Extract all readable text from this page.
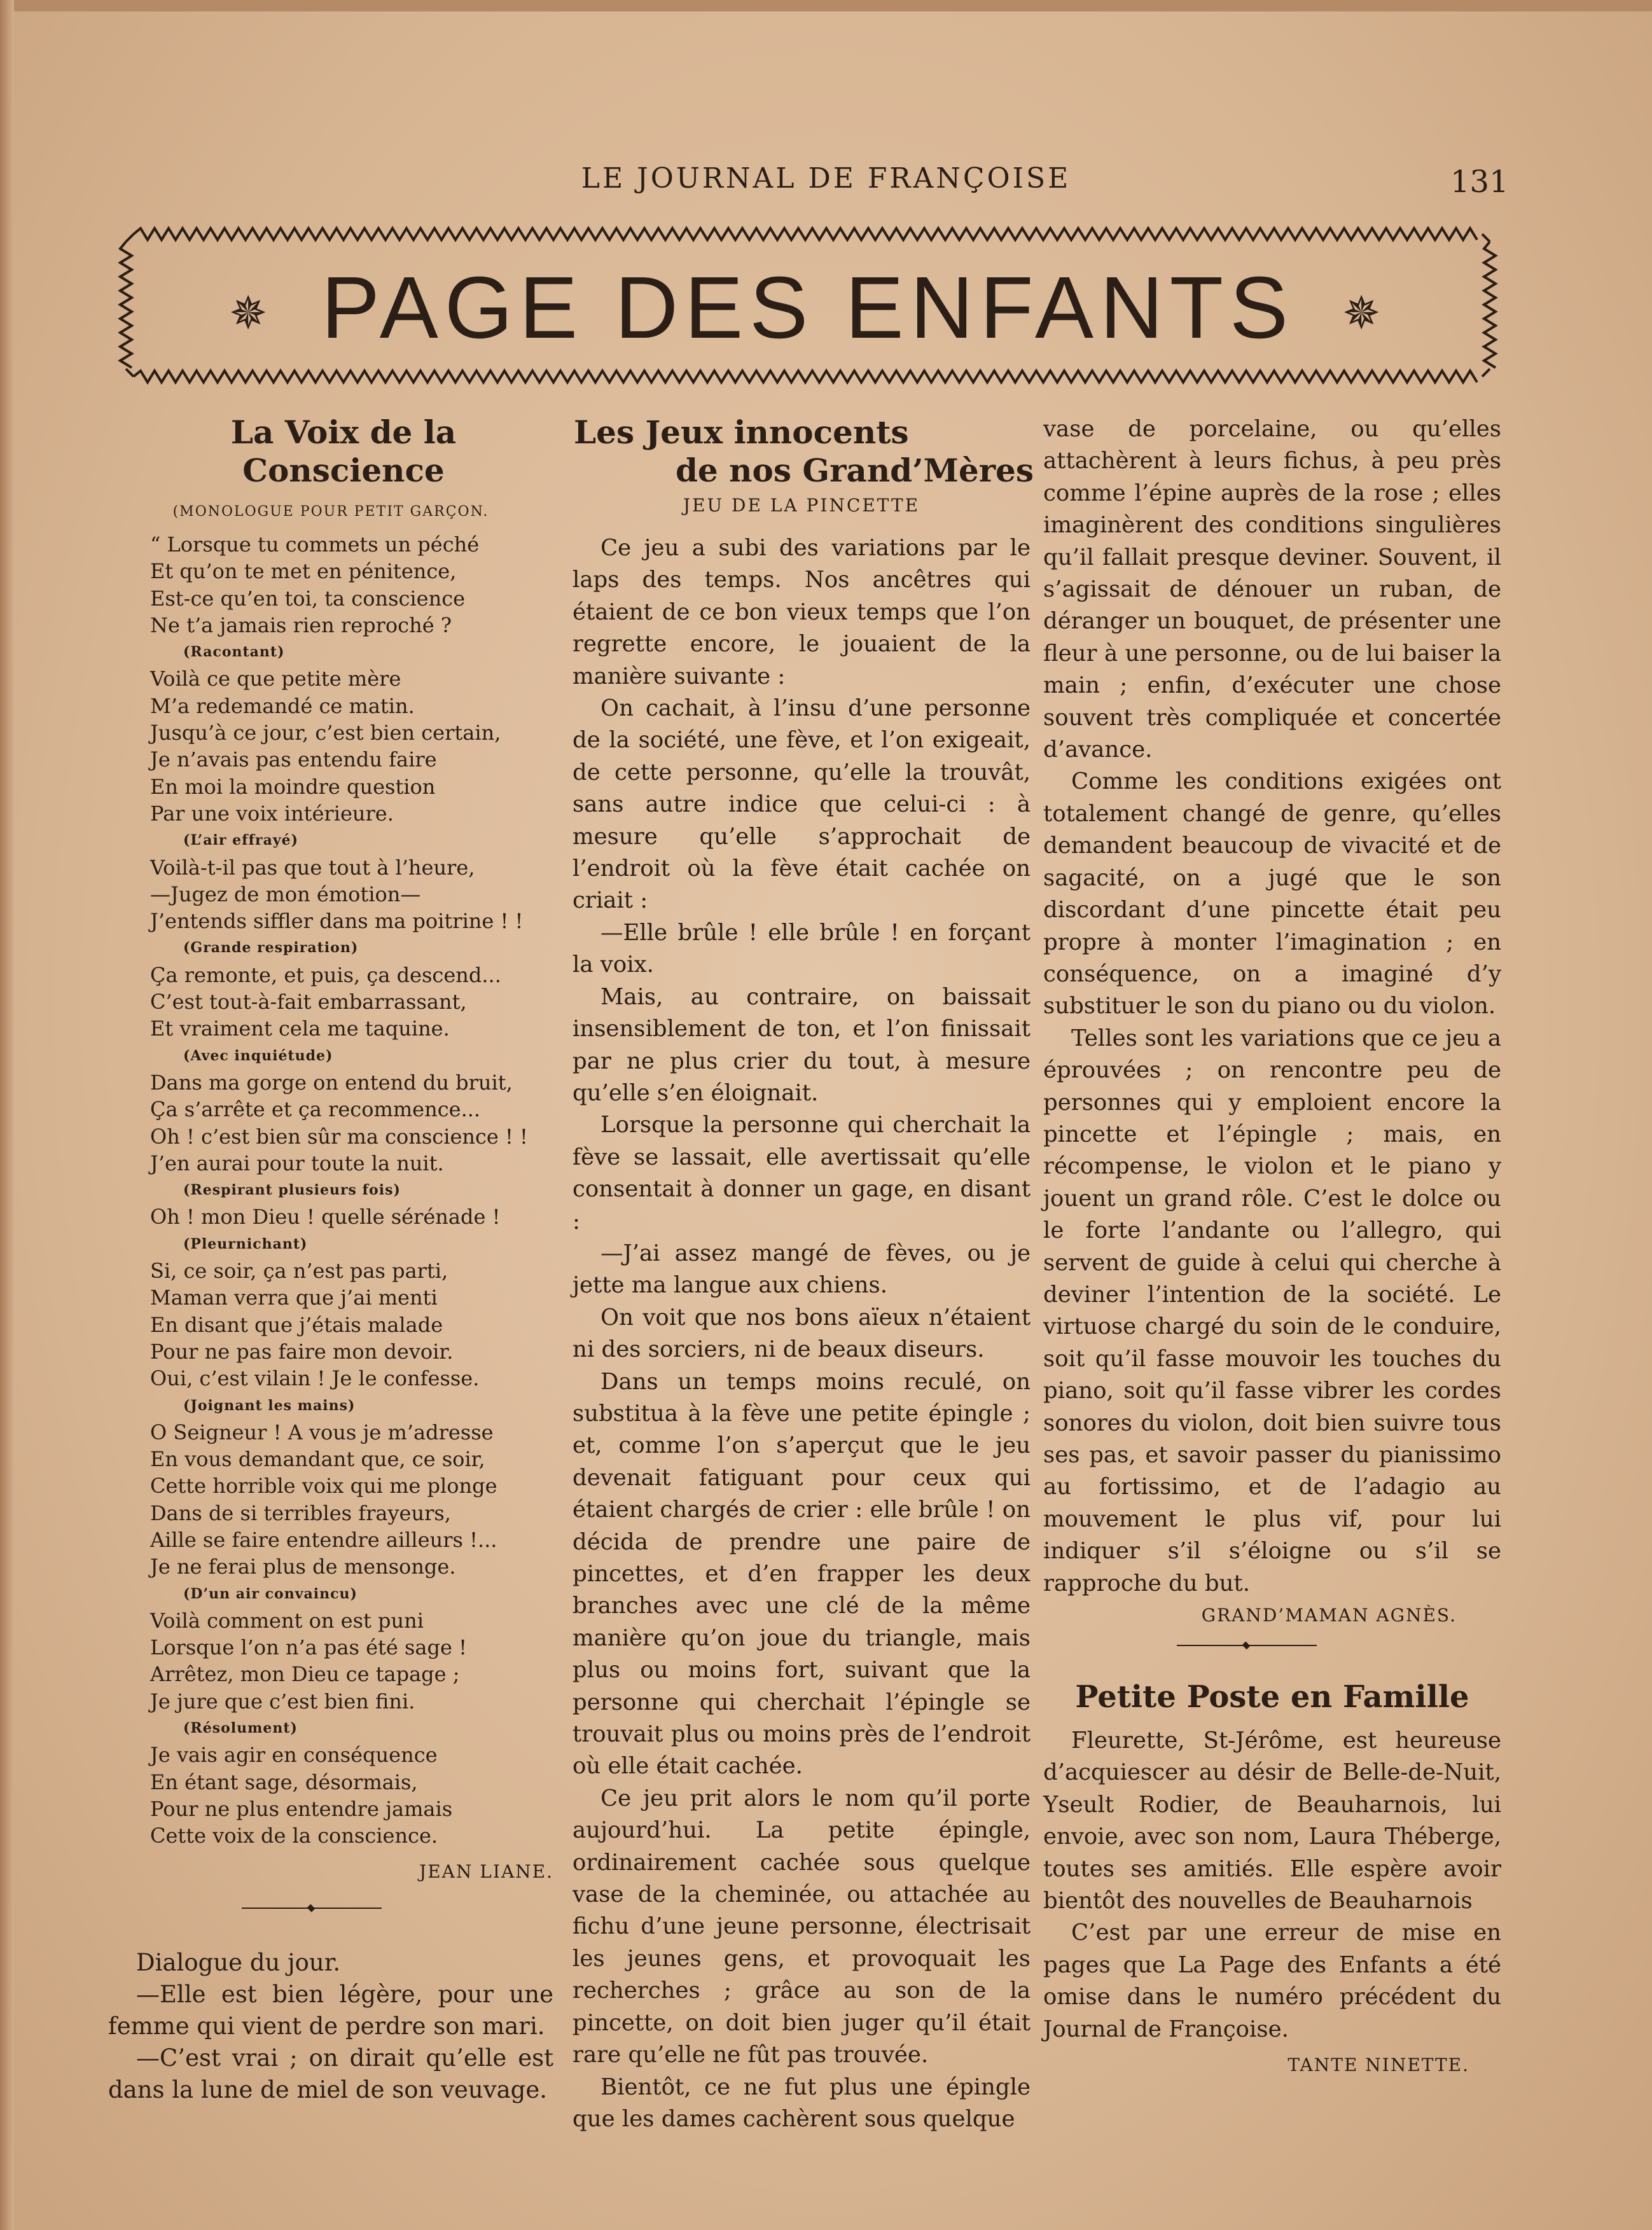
LE JOURNAL DE FRANÇOISE	131
✵ PAGE DES ENFANTS	✵
La Voix de la Conscience
(MONOLOGUE POUR PETIT GARÇON.
“ Lorsque tu commets un péché
Et qu’on te met en pénitence,
Est-ce qu’en toi, ta conscience
Ne t’a jamais rien reproché ?
(Racontant)
Voilà ce que petite mère
M’a redemandé ce matin.
Jusqu’à ce jour, c’est bien certain,
Je n’avais pas entendu faire
En moi la moindre question
Par une voix intérieure.
(L’air effrayé)
Voilà-t-il pas que tout à l’heure,
—Jugez de mon émotion—
J’entends siffler dans ma poitrine ! !
(Grande respiration)
Ça remonte, et puis, ça descend...
C’est tout-à-fait embarrassant,
Et vraiment cela me taquine.
(Avec inquiétude)
Dans ma gorge on entend du bruit,
Ça s’arrête et ça recommence...
Oh ! c’est bien sûr ma conscience ! !
J’en aurai pour toute la nuit.
(Respirant plusieurs fois)
Oh ! mon Dieu ! quelle sérénade !
(Pleurnichant)
Si, ce soir, ça n’est pas parti,
Maman verra que j’ai menti
En disant que j’étais malade
Pour ne pas faire mon devoir.
Oui, c’est vilain ! Je le confesse.
(Joignant les mains)
O Seigneur ! A vous je m’adresse
En vous demandant que, ce soir,
Cette horrible voix qui me plonge
Dans de si terribles frayeurs,
Aille se faire entendre ailleurs !...
Je ne ferai plus de mensonge.
(D’un air convaincu)
Voilà comment on est puni
Lorsque l’on n’a pas été sage !
Arrêtez, mon Dieu ce tapage ;
Je jure que c’est bien fini.
(Résolument)
Je vais agir en conséquence
En étant sage, désormais,
Pour ne plus entendre jamais
Cette voix de la conscience.
JEAN LIANE.

Dialogue du jour.

—Elle est bien légère, pour une femme qui vient de perdre son mari.

—C’est vrai ; on dirait qu’elle est dans la lune de miel de son veuvage.

Les Jeux innocents
de nos Grand’Mères
JEU DE LA PINCETTE

Ce jeu a subi des variations par le laps des temps. Nos ancêtres qui étaient de ce bon vieux temps que l’on regrette encore, le jouaient de la manière suivante :

On cachait, à l’insu d’une personne de la société, une fève, et l’on exigeait, de cette personne, qu’elle la trouvât, sans autre indice que celui-ci : à mesure qu’elle s’approchait de l’endroit où la fève était cachée on criait :

—Elle brûle ! elle brûle ! en forçant la voix.

Mais, au contraire, on baissait insensiblement de ton, et l’on finissait par ne plus crier du tout, à mesure qu’elle s’en éloignait.

Lorsque la personne qui cherchait la fève se lassait, elle avertissait qu’elle consentait à donner un gage, en disant :

—J’ai assez mangé de fèves, ou je jette ma langue aux chiens.

On voit que nos bons aïeux n’étaient ni des sorciers, ni de beaux diseurs.

Dans un temps moins reculé, on substitua à la fève une petite épingle ; et, comme l’on s’aperçut que le jeu devenait fatiguant pour ceux qui étaient chargés de crier : elle brûle ! on décida de prendre une paire de pincettes, et d’en frapper les deux branches avec une clé de la même manière qu’on joue du triangle, mais plus ou moins fort, suivant que la personne qui cherchait l’épingle se trouvait plus ou moins près de l’endroit où elle était cachée.

Ce jeu prit alors le nom qu’il porte aujourd’hui. La petite épingle, ordinairement cachée sous quelque vase de la cheminée, ou attachée au fichu d’une jeune personne, électrisait les jeunes gens, et provoquait les recherches ; grâce au son de la pincette, on doit bien juger qu’il était rare qu’elle ne fût pas trouvée.

Bientôt, ce ne fut plus une épingle que les dames cachèrent sous quelque

vase de porcelaine, ou qu’elles attachèrent à leurs fichus, à peu près comme l’épine auprès de la rose ; elles imaginèrent des conditions singulières qu’il fallait presque deviner. Souvent, il s’agissait de dénouer un ruban, de déranger un bouquet, de présenter une fleur à une personne, ou de lui baiser la main ; enfin, d’exécuter une chose souvent très compliquée et concertée d’avance.

Comme les conditions exigées ont totalement changé de genre, qu’elles demandent beaucoup de vivacité et de sagacité, on a jugé que le son discordant d’une pincette était peu propre à monter l’imagination ; en conséquence, on a imaginé d’y substituer le son du piano ou du violon.

Telles sont les variations que ce jeu a éprouvées ; on rencontre peu de personnes qui y emploient encore la pincette et l’épingle ; mais, en récompense, le violon et le piano y jouent un grand rôle. C’est le dolce ou le forte l’andante ou l’allegro, qui servent de guide à celui qui cherche à deviner l’intention de la société. Le virtuose chargé du soin de le conduire, soit qu’il fasse mouvoir les touches du piano, soit qu’il fasse vibrer les cordes sonores du violon, doit bien suivre tous ses pas, et savoir passer du pianissimo au fortissimo, et de l’adagio au mouvement le plus vif, pour lui indiquer s’il s’éloigne ou s’il se rapproche du but.

GRAND’MAMAN AGNÈS.
Petite Poste en Famille

Fleurette, St-Jérôme, est heureuse d’acquiescer au désir de Belle-de-Nuit, Yseult Rodier, de Beauharnois, lui envoie, avec son nom, Laura Théberge, toutes ses amitiés. Elle espère avoir bientôt des nouvelles de Beauharnois

C’est par une erreur de mise en pages que La Page des Enfants a été omise dans le numéro précédent du Journal de Françoise.

TANTE NINETTE.
